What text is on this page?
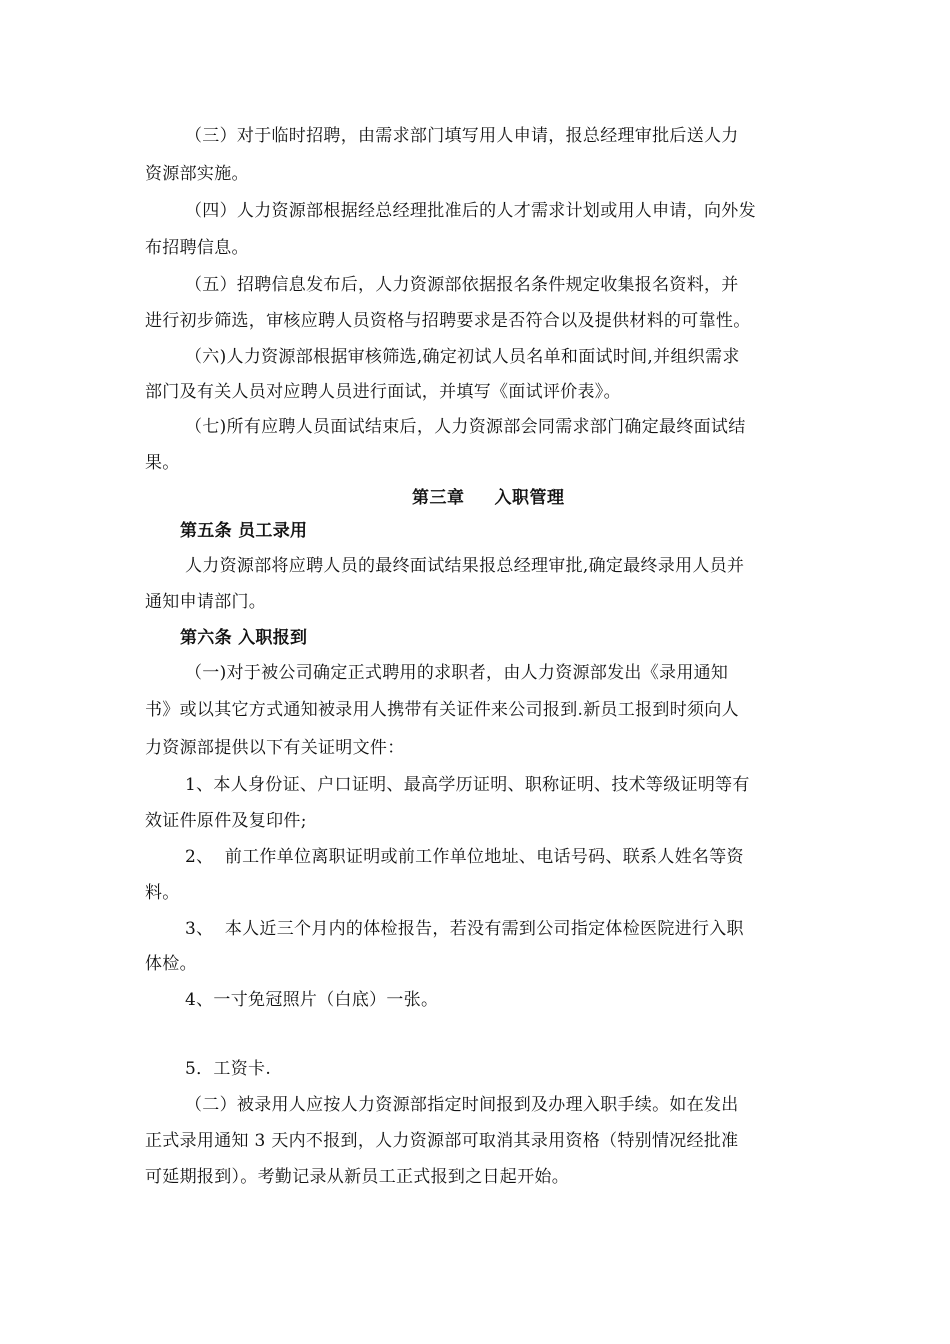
（三）对于临时招聘，由需求部门填写用人申请，报总经理审批后送人力
资源部实施。
（四）人力资源部根据经总经理批准后的人才需求计划或用人申请，向外发
布招聘信息。
（五）招聘信息发布后，人力资源部依据报名条件规定收集报名资料，并
进行初步筛选，审核应聘人员资格与招聘要求是否符合以及提供材料的可靠性。
（六)人力资源部根据审核筛选,确定初试人员名单和面试时间,并组织需求
部门及有关人员对应聘人员进行面试，并填写《面试评价表》。
（七)所有应聘人员面试结束后，人力资源部会同需求部门确定最终面试结
果。
第三章 入职管理
第五条 员工录用
人力资源部将应聘人员的最终面试结果报总经理审批,确定最终录用人员并
通知申请部门。
第六条 入职报到
（一)对于被公司确定正式聘用的求职者，由人力资源部发出《录用通知
书》或以其它方式通知被录用人携带有关证件来公司报到.新员工报到时须向人
力资源部提供以下有关证明文件：
1、本人身份证、户口证明、最高学历证明、职称证明、技术等级证明等有
效证件原件及复印件;
2、  前工作单位离职证明或前工作单位地址、电话号码、联系人姓名等资
料。
3、  本人近三个月内的体检报告，若没有需到公司指定体检医院进行入职
体检。
4、一寸免冠照片（白底）一张。
5．工资卡.
（二）被录用人应按人力资源部指定时间报到及办理入职手续。如在发出
正式录用通知 3 天内不报到，人力资源部可取消其录用资格（特别情况经批准
可延期报到）。考勤记录从新员工正式报到之日起开始。
